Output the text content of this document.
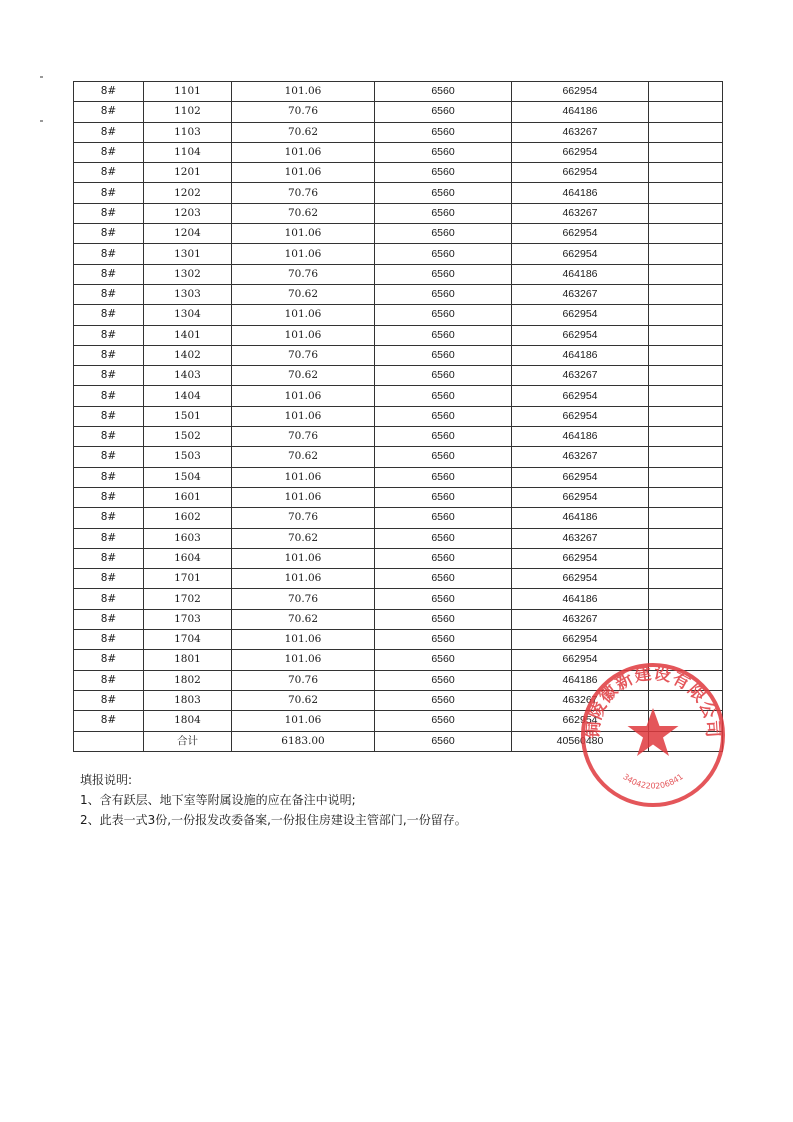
8#	1101	101.06	6560	662954	
8#	1102	70.76	6560	464186	
8#	1103	70.62	6560	463267	
8#	1104	101.06	6560	662954	
8#	1201	101.06	6560	662954	
8#	1202	70.76	6560	464186	
8#	1203	70.62	6560	463267	
8#	1204	101.06	6560	662954	
8#	1301	101.06	6560	662954	
8#	1302	70.76	6560	464186	
8#	1303	70.62	6560	463267	
8#	1304	101.06	6560	662954	
8#	1401	101.06	6560	662954	
8#	1402	70.76	6560	464186	
8#	1403	70.62	6560	463267	
8#	1404	101.06	6560	662954	
8#	1501	101.06	6560	662954	
8#	1502	70.76	6560	464186	
8#	1503	70.62	6560	463267	
8#	1504	101.06	6560	662954	
8#	1601	101.06	6560	662954	
8#	1602	70.76	6560	464186	
8#	1603	70.62	6560	463267	
8#	1604	101.06	6560	662954	
8#	1701	101.06	6560	662954	
8#	1702	70.76	6560	464186	
8#	1703	70.62	6560	463267	
8#	1704	101.06	6560	662954	
8#	1801	101.06	6560	662954	
8#	1802	70.76	6560	464186	
8#	1803	70.62	6560	463267	
8#	1804	101.06	6560	662954	
	合计	6183.00	6560	40560480	
填报说明:
1、含有跃层、地下室等附属设施的应在备注中说明;
2、此表一式3份,一份报发改委备案,一份报住房建设主管部门,一份留存。
铜陵徽新建设有限公司
3404220206841
